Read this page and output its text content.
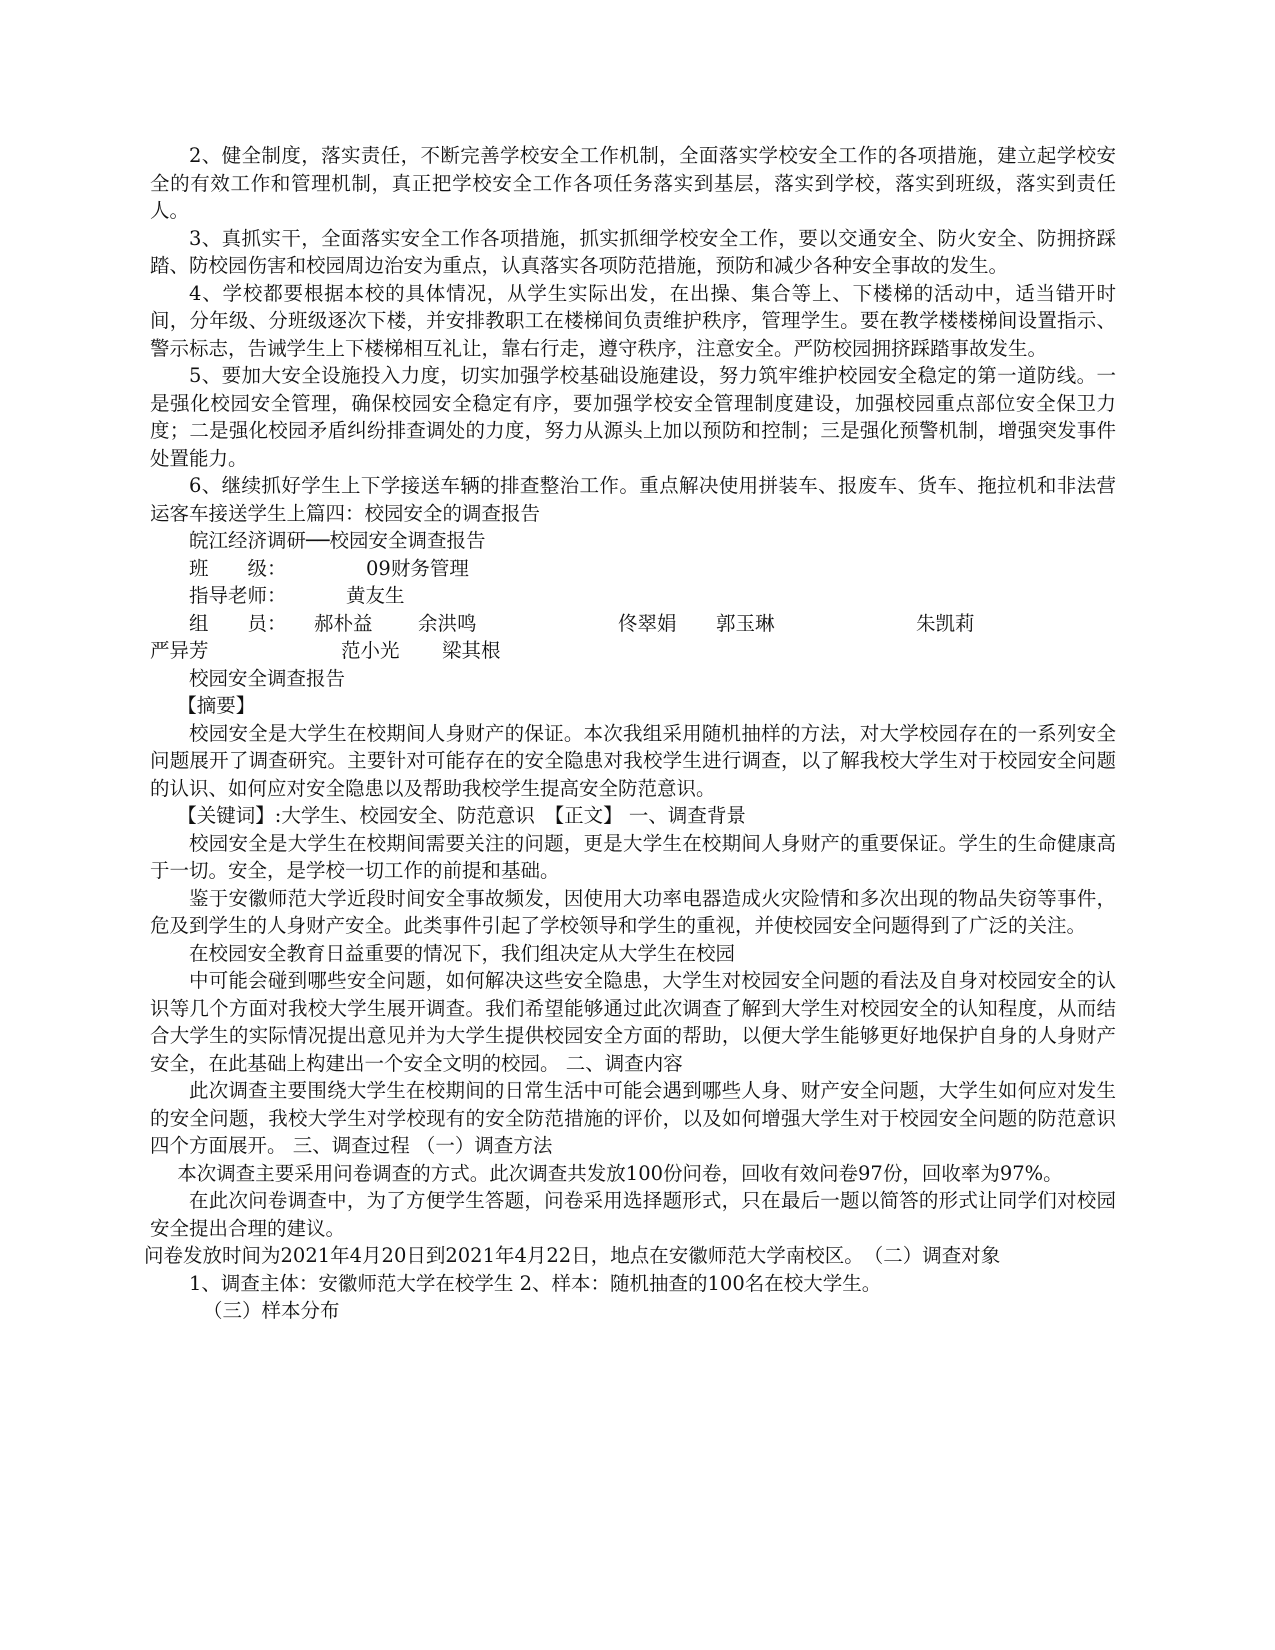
2、健全制度，落实责任，不断完善学校安全工作机制，全面落实学校安全工作的各项措施，建立起学校安全的有效工作和管理机制，真正把学校安全工作各项任务落实到基层，落实到学校，落实到班级，落实到责任人。

3、真抓实干，全面落实安全工作各项措施，抓实抓细学校安全工作，要以交通安全、防火安全、防拥挤踩踏、防校园伤害和校园周边治安为重点，认真落实各项防范措施，预防和减少各种安全事故的发生。

4、学校都要根据本校的具体情况，从学生实际出发，在出操、集合等上、下楼梯的活动中，适当错开时间，分年级、分班级逐次下楼，并安排教职工在楼梯间负责维护秩序，管理学生。要在教学楼楼梯间设置指示、警示标志，告诫学生上下楼梯相互礼让，靠右行走，遵守秩序，注意安全。严防校园拥挤踩踏事故发生。

5、要加大安全设施投入力度，切实加强学校基础设施建设，努力筑牢维护校园安全稳定的第一道防线。一是强化校园安全管理，确保校园安全稳定有序，要加强学校安全管理制度建设，加强校园重点部位安全保卫力度；二是强化校园矛盾纠纷排查调处的力度，努力从源头上加以预防和控制；三是强化预警机制，增强突发事件处置能力。

6、继续抓好学生上下学接送车辆的排查整治工作。重点解决使用拼装车、报废车、货车、拖拉机和非法营运客车接送学生上篇四：校园安全的调查报告

皖江经济调研──校园安全调查报告

班　　级：	09财务管理
指导老师：	黄友生
组　　员： 郝朴益 余洪鸣	佟翠娟 郭玉琳	朱凯莉
严异芳	范小光 梁其根

校园安全调查报告

【摘要】

校园安全是大学生在校期间人身财产的保证。本次我组采用随机抽样的方法，对大学校园存在的一系列安全问题展开了调查研究。主要针对可能存在的安全隐患对我校学生进行调查，以了解我校大学生对于校园安全问题的认识、如何应对安全隐患以及帮助我校学生提高安全防范意识。

【关键词】:大学生、校园安全、防范意识　【正文】 一、调查背景

校园安全是大学生在校期间需要关注的问题，更是大学生在校期间人身财产的重要保证。学生的生命健康高于一切。安全，是学校一切工作的前提和基础。

鉴于安徽师范大学近段时间安全事故频发，因使用大功率电器造成火灾险情和多次出现的物品失窃等事件，危及到学生的人身财产安全。此类事件引起了学校领导和学生的重视，并使校园安全问题得到了广泛的关注。

在校园安全教育日益重要的情况下，我们组决定从大学生在校园

中可能会碰到哪些安全问题，如何解决这些安全隐患，大学生对校园安全问题的看法及自身对校园安全的认识等几个方面对我校大学生展开调查。我们希望能够通过此次调查了解到大学生对校园安全的认知程度，从而结合大学生的实际情况提出意见并为大学生提供校园安全方面的帮助，以便大学生能够更好地保护自身的人身财产安全，在此基础上构建出一个安全文明的校园。 二、调查内容

此次调查主要围绕大学生在校期间的日常生活中可能会遇到哪些人身、财产安全问题，大学生如何应对发生的安全问题，我校大学生对学校现有的安全防范措施的评价，以及如何增强大学生对于校园安全问题的防范意识四个方面展开。 三、调查过程 （一）调查方法

本次调查主要采用问卷调查的方式。此次调查共发放100份问卷，回收有效问卷97份，回收率为97%。

在此次问卷调查中，为了方便学生答题，问卷采用选择题形式，只在最后一题以简答的形式让同学们对校园安全提出合理的建议。

问卷发放时间为2021年4月20日到2021年4月22日，地点在安徽师范大学南校区。　（二）调查对象

1、调查主体：安徽师范大学在校学生 2、样本：随机抽查的100名在校大学生。

（三）样本分布
